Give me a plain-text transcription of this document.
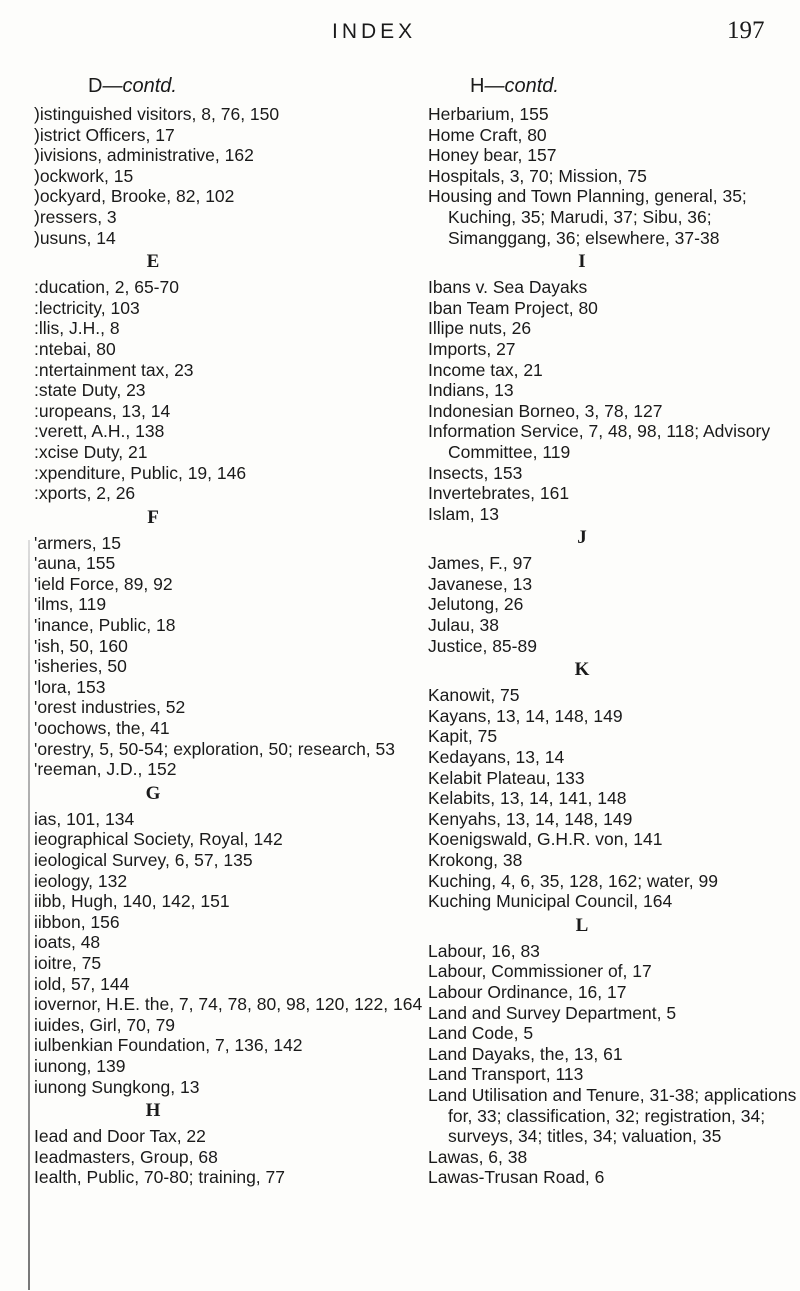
INDEX	197
D—contd.
)istinguished visitors, 8, 76, 150
)istrict Officers, 17
)ivisions, administrative, 162
)ockwork, 15
)ockyard, Brooke, 82, 102
)ressers, 3
)usuns, 14
E
:ducation, 2, 65-70
:lectricity, 103
:llis, J.H., 8
:ntebai, 80
:ntertainment tax, 23
:state Duty, 23
:uropeans, 13, 14
:verett, A.H., 138
:xcise Duty, 21
:xpenditure, Public, 19, 146
:xports, 2, 26
F
'armers, 15
'auna, 155
'ield Force, 89, 92
'ilms, 119
'inance, Public, 18
'ish, 50, 160
'isheries, 50
'lora, 153
'orest industries, 52
'oochows, the, 41
'orestry, 5, 50-54; exploration, 50; research, 53
'reeman, J.D., 152
G
ias, 101, 134
ieographical Society, Royal, 142
ieological Survey, 6, 57, 135
ieology, 132
iibb, Hugh, 140, 142, 151
iibbon, 156
ioats, 48
ioitre, 75
iold, 57, 144
iovernor, H.E. the, 7, 74, 78, 80, 98, 120, 122, 164
iuides, Girl, 70, 79
iulbenkian Foundation, 7, 136, 142
iunong, 139
iunong Sungkong, 13
H
Iead and Door Tax, 22
Ieadmasters, Group, 68
Iealth, Public, 70-80; training, 77
H—contd.
Herbarium, 155
Home Craft, 80
Honey bear, 157
Hospitals, 3, 70; Mission, 75
Housing and Town Planning, general, 35; Kuching, 35; Marudi, 37; Sibu, 36; Simanggang, 36; elsewhere, 37-38
I
Ibans v. Sea Dayaks
Iban Team Project, 80
Illipe nuts, 26
Imports, 27
Income tax, 21
Indians, 13
Indonesian Borneo, 3, 78, 127
Information Service, 7, 48, 98, 118; Advisory Committee, 119
Insects, 153
Invertebrates, 161
Islam, 13
J
James, F., 97
Javanese, 13
Jelutong, 26
Julau, 38
Justice, 85-89
K
Kanowit, 75
Kayans, 13, 14, 148, 149
Kapit, 75
Kedayans, 13, 14
Kelabit Plateau, 133
Kelabits, 13, 14, 141, 148
Kenyahs, 13, 14, 148, 149
Koenigswald, G.H.R. von, 141
Krokong, 38
Kuching, 4, 6, 35, 128, 162; water, 99
Kuching Municipal Council, 164
L
Labour, 16, 83
Labour, Commissioner of, 17
Labour Ordinance, 16, 17
Land and Survey Department, 5
Land Code, 5
Land Dayaks, the, 13, 61
Land Transport, 113
Land Utilisation and Tenure, 31-38; applications for, 33; classification, 32; registration, 34; surveys, 34; titles, 34; valuation, 35
Lawas, 6, 38
Lawas-Trusan Road, 6
